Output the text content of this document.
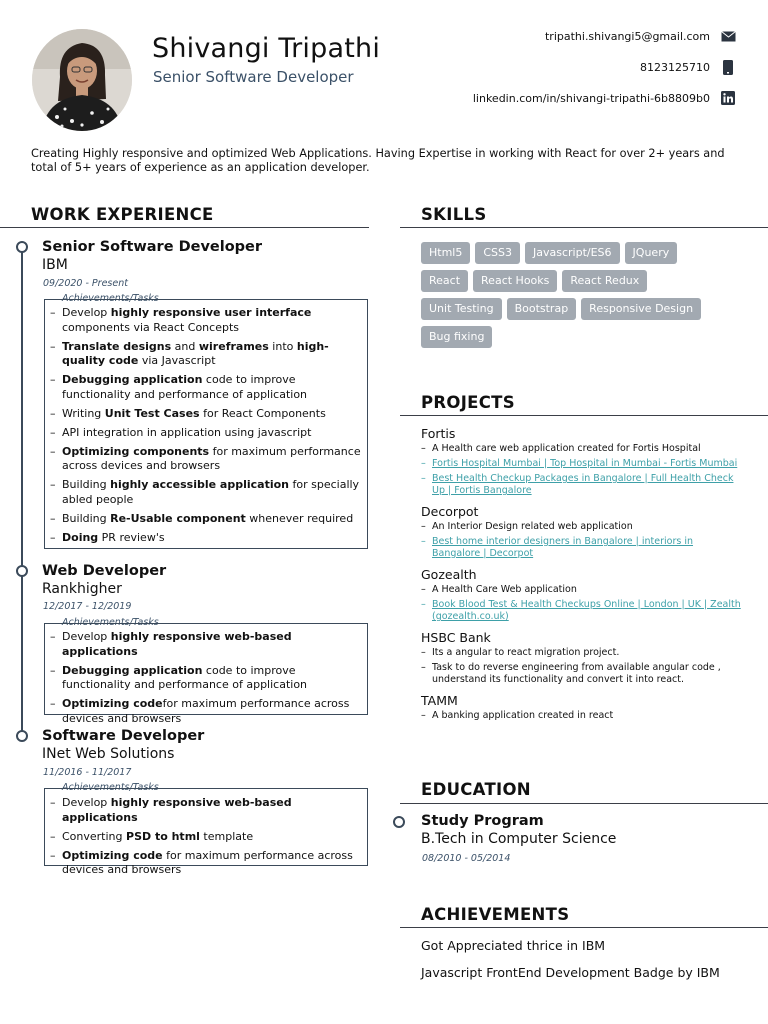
Shivangi Tripathi
Senior Software Developer
tripathi.shivangi5@gmail.com
8123125710
linkedin.com/in/shivangi-tripathi-6b8809b0
Creating Highly responsive and optimized Web Applications. Having Expertise in working with React for over 2+ years and total of 5+ years of experience as an application developer.
WORK EXPERIENCE
Senior Software Developer
IBM
09/2020 - Present
Achievements/Tasks
– Develop highly responsive user interface components via React Concepts
– Translate designs and wireframes into high-quality code via Javascript
– Debugging application code to improve functionality and performance of application
– Writing Unit Test Cases for React Components
– API integration in application using javascript
– Optimizing components for maximum performance across devices and browsers
– Building highly accessible application for specially abled people
– Building Re-Usable component whenever required
– Doing PR review's
Web Developer
Rankhigher
12/2017 - 12/2019
Achievements/Tasks
– Develop highly responsive web-based applications
– Debugging application code to improve functionality and performance of application
– Optimizing codefor maximum performance across devices and browsers
Software Developer
INet Web Solutions
11/2016 - 11/2017
Achievements/Tasks
– Develop highly responsive web-based applications
– Converting PSD to html template
– Optimizing code for maximum performance across devices and browsers
SKILLS
Html5	CSS3	Javascript/ES6	JQuery
React	React Hooks	React Redux
Unit Testing	Bootstrap	Responsive Design
Bug fixing
PROJECTS
Fortis
– A Health care web application created for Fortis Hospital
– Fortis Hospital Mumbai | Top Hospital in Mumbai - Fortis Mumbai
– Best Health Checkup Packages in Bangalore | Full Health Check Up | Fortis Bangalore
Decorpot
– An Interior Design related web application
– Best home interior designers in Bangalore | interiors in Bangalore | Decorpot
Gozealth
– A Health Care Web application
– Book Blood Test & Health Checkups Online | London | UK | Zealth (gozealth.co.uk)
HSBC Bank
– Its a angular to react migration project.
– Task to do reverse engineering from available angular code , understand its functionality and convert it into react.
TAMM
– A banking application created in react
EDUCATION
Study Program
B.Tech in Computer Science
08/2010 - 05/2014
ACHIEVEMENTS
Got Appreciated thrice in IBM
Javascript FrontEnd Development Badge by IBM
